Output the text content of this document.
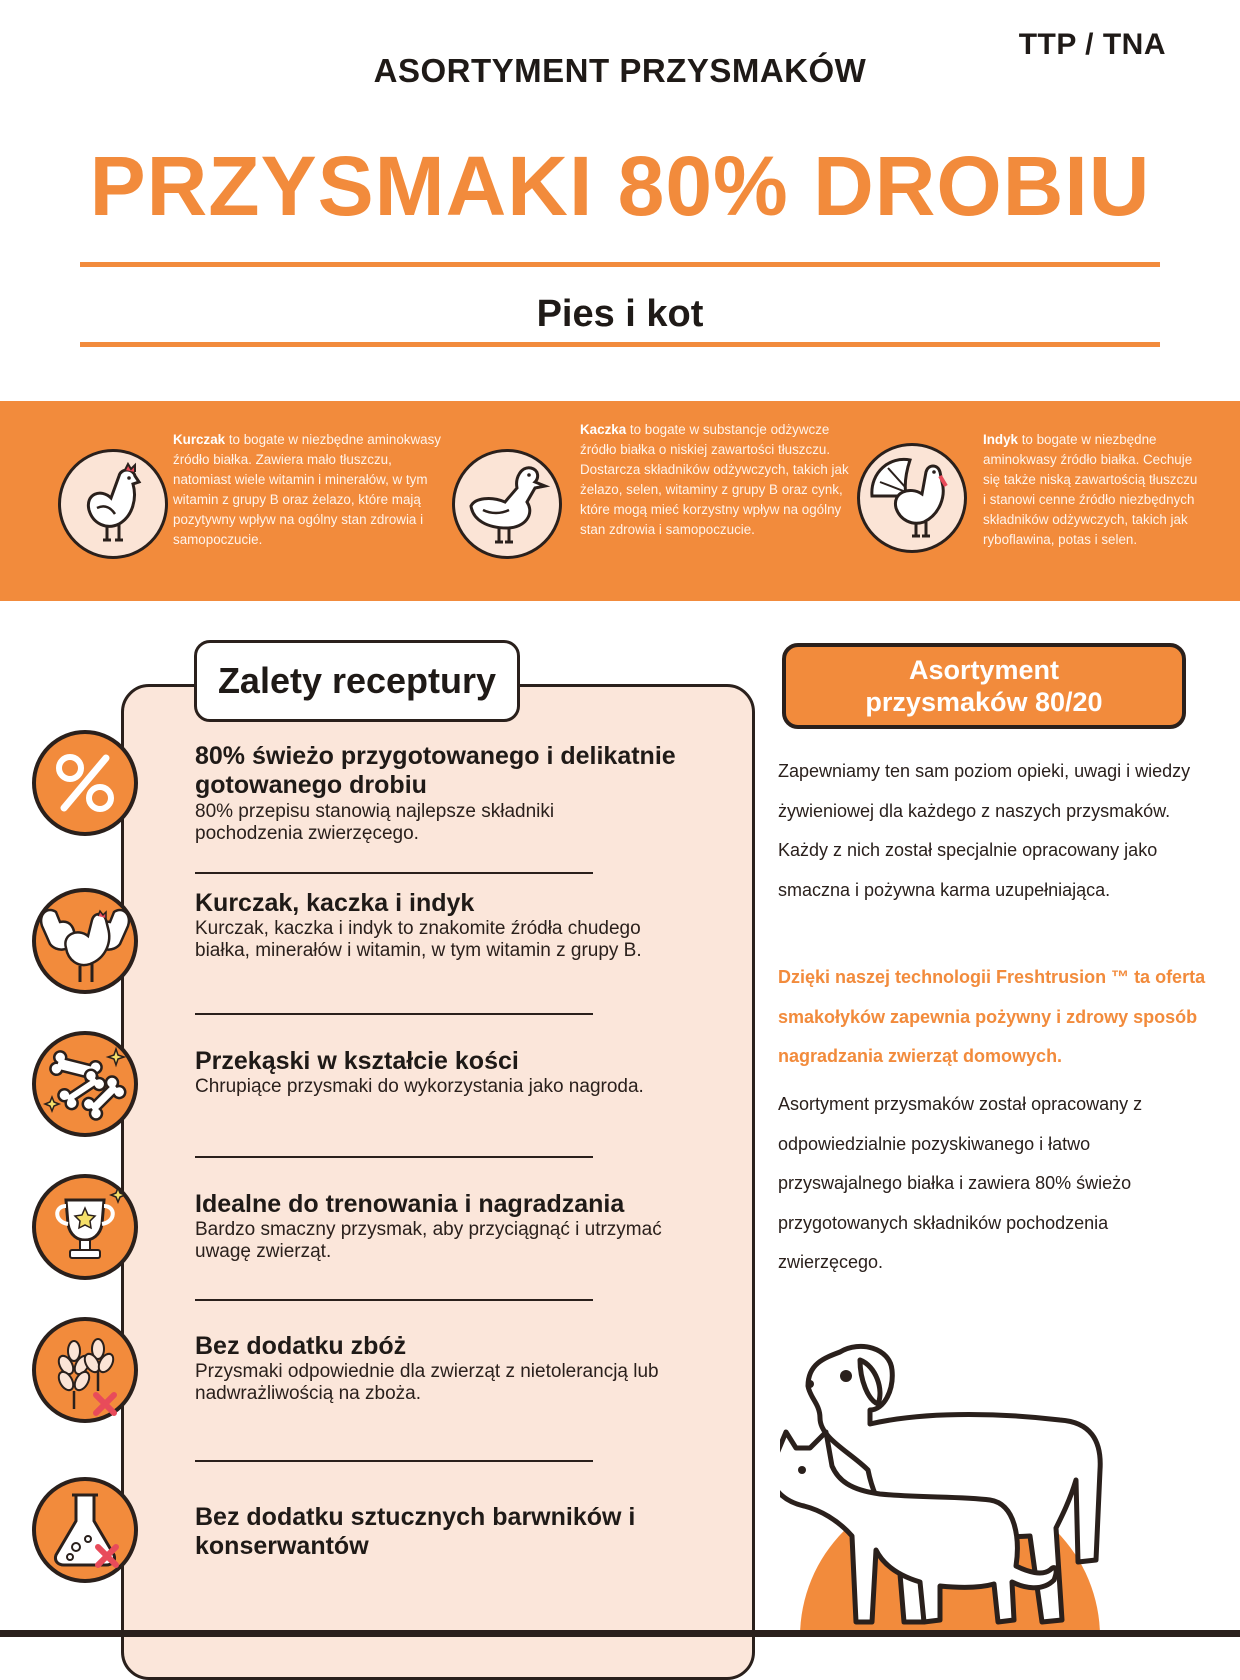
TTP / TNA
ASORTYMENT PRZYSMAKÓW
PRZYSMAKI 80% DROBIU
Pies i kot
Kurczak to bogate w niezbędne aminokwasy źródło białka. Zawiera mało tłuszczu, natomiast wiele witamin i minerałów, w tym witamin z grupy B oraz żelazo, które mają pozytywny wpływ na ogólny stan zdrowia i samopoczucie.
Kaczka to bogate w substancje odżywcze źródło białka o niskiej zawartości tłuszczu. Dostarcza składników odżywczych, takich jak żelazo, selen, witaminy z grupy B oraz cynk, które mogą mieć korzystny wpływ na ogólny stan zdrowia i samopoczucie.
Indyk to bogate w niezbędne aminokwasy źródło białka. Cechuje się także niską zawartością tłuszczu i stanowi cenne źródło niezbędnych składników odżywczych, takich jak ryboflawina, potas i selen.
Zalety receptury
80% świeżo przygotowanego i delikatnie gotowanego drobiu
80% przepisu stanowią najlepsze składniki pochodzenia zwierzęcego.
Kurczak, kaczka i indyk
Kurczak, kaczka i indyk to znakomite źródła chudego białka, minerałów i witamin, w tym witamin z grupy B.
Przekąski w kształcie kości
Chrupiące przysmaki do wykorzystania jako nagroda.
Idealne do trenowania i nagradzania
Bardzo smaczny przysmak, aby przyciągnąć i utrzymać uwagę zwierząt.
Bez dodatku zbóż
Przysmaki odpowiednie dla zwierząt z nietolerancją lub nadwrażliwością na zboża.
Bez dodatku sztucznych barwników i konserwantów
Asortyment
przysmaków 80/20
Zapewniamy ten sam poziom opieki, uwagi i wiedzy żywieniowej dla każdego z naszych przysmaków. Każdy z nich został specjalnie opracowany jako smaczna i pożywna karma uzupełniająca.
Dzięki naszej technologii Freshtrusion ™ ta oferta smakołyków zapewnia pożywny i zdrowy sposób nagradzania zwierząt domowych.
Asortyment przysmaków został opracowany z odpowiedzialnie pozyskiwanego i łatwo przyswajalnego białka i zawiera 80% świeżo przygotowanych składników pochodzenia zwierzęcego.
